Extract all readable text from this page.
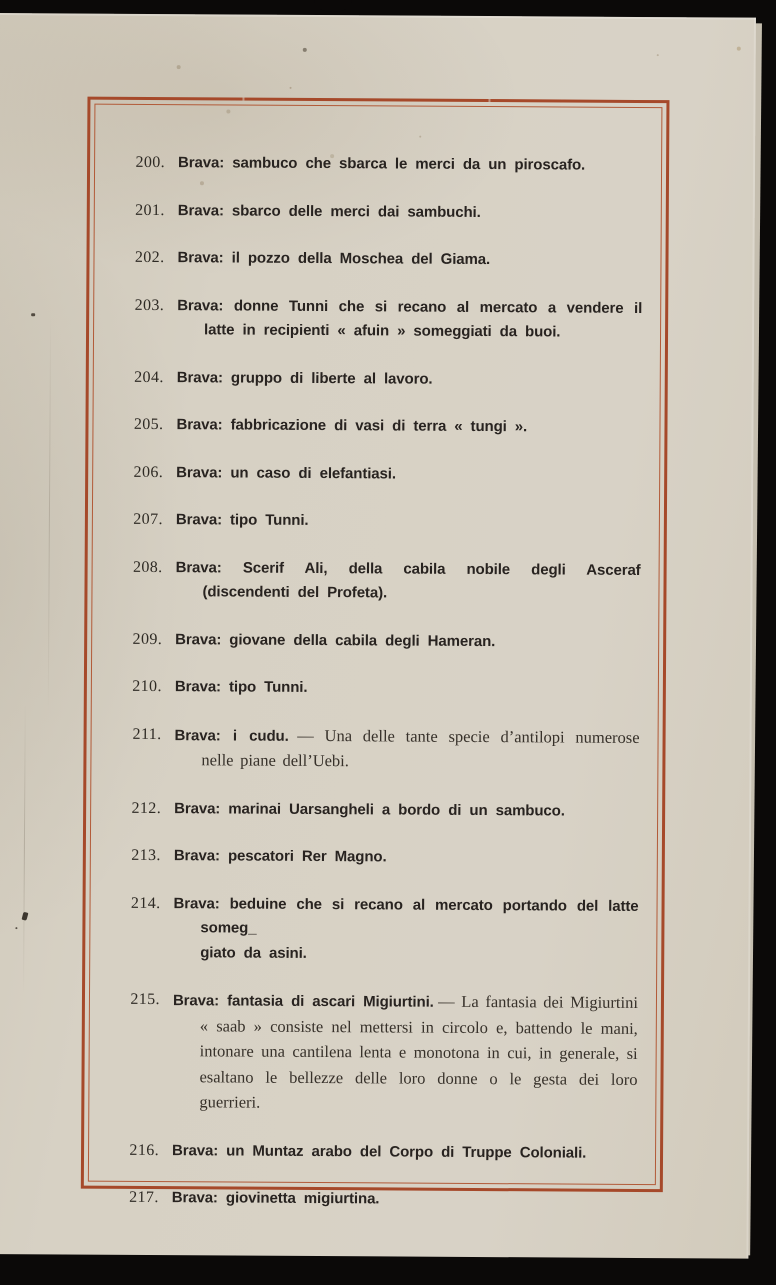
200. Brava: sambuco che sbarca le merci da un piroscafo.
201. Brava: sbarco delle merci dai sambuchi.
202. Brava: il pozzo della Moschea del Giama.
203. Brava: donne Tunni che si recano al mercato a vendere il latte in recipienti « afuin » someggiati da buoi.
204. Brava: gruppo di liberte al lavoro.
205. Brava: fabbricazione di vasi di terra « tungi ».
206. Brava: un caso di elefantiasi.
207. Brava: tipo Tunni.
208. Brava: Scerif Ali, della cabila nobile degli Asceraf (discendenti del Profeta).
209. Brava: giovane della cabila degli Hameran.
210. Brava: tipo Tunni.
211. Brava: i cudu. — Una delle tante specie d’antilopi numerose nelle piane dell’Uebi.
212. Brava: marinai Uarsangheli a bordo di un sambuco.
213. Brava: pescatori Rer Magno.
214. Brava: beduine che si recano al mercato portando del latte someg_
giato da asini.
215. Brava: fantasia di ascari Migiurtini. — La fantasia dei Migiurtini « saab » consiste nel mettersi in circolo e, battendo le mani, intonare una cantilena lenta e monotona in cui, in generale, si esaltano le bellezze delle loro donne o le gesta dei loro guerrieri.
216. Brava: un Muntaz arabo del Corpo di Truppe Coloniali.
217. Brava: giovinetta migiurtina.
